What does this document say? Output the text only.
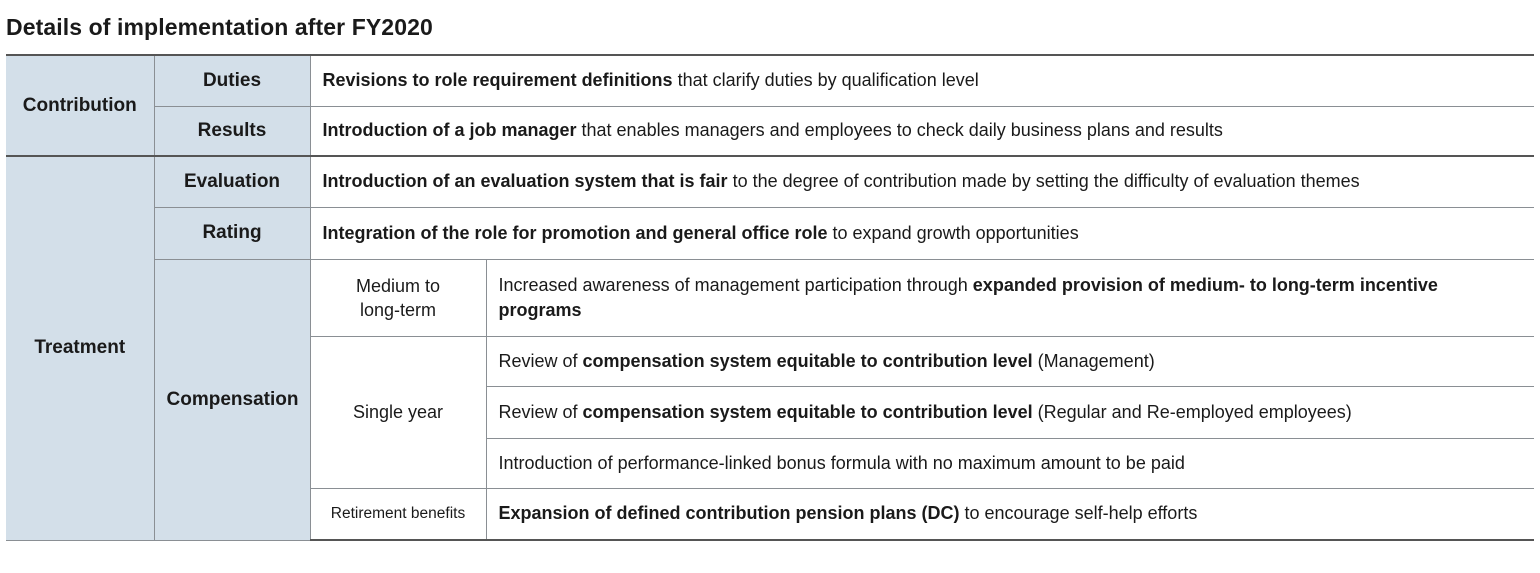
Details of implementation after FY2020
Contribution	Duties	Revisions to role requirement definitions that clarify duties by qualification level	
	Results	Introduction of a job manager that enables managers and employees to check daily business plans and results	
Treatment	Evaluation	Introduction of an evaluation system that is fair to the degree of contribution made by setting the difficulty of evaluation themes	
	Rating	Integration of the role for promotion and general office role to expand growth opportunities	
	Compensation	Medium to long-term	Increased awareness of management participation through expanded provision of medium- to long-term incentive programs
		Single year	Review of compensation system equitable to contribution level (Management)
			Review of compensation system equitable to contribution level (Regular and Re-employed employees)
			Introduction of performance-linked bonus formula with no maximum amount to be paid
		Retirement benefits	Expansion of defined contribution pension plans (DC) to encourage self-help efforts
